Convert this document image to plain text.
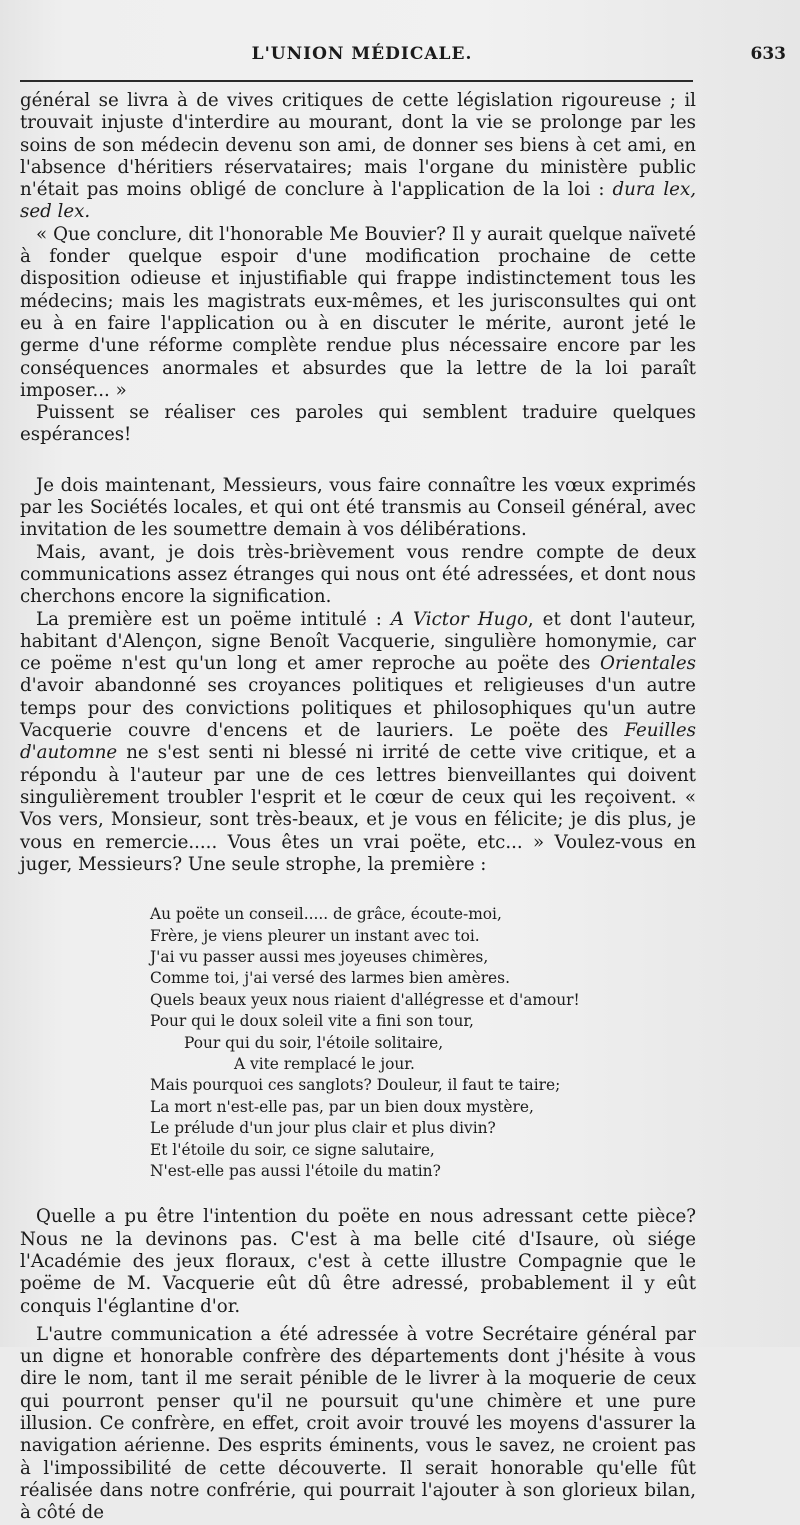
L'UNION MÉDICALE.	633

général se livra à de vives critiques de cette législation rigoureuse ; il trouvait injuste d'interdire au mourant, dont la vie se prolonge par les soins de son médecin devenu son ami, de donner ses biens à cet ami, en l'absence d'héritiers réservataires; mais l'organe du ministère public n'était pas moins obligé de conclure à l'application de la loi : dura lex, sed lex.

« Que conclure, dit l'honorable Me Bouvier? Il y aurait quelque naïveté à fonder quelque espoir d'une modification prochaine de cette disposition odieuse et injustifiable qui frappe indistinctement tous les médecins; mais les magistrats eux-mêmes, et les jurisconsultes qui ont eu à en faire l'application ou à en discuter le mérite, auront jeté le germe d'une réforme complète rendue plus nécessaire encore par les conséquences anormales et absurdes que la lettre de la loi paraît imposer... »

Puissent se réaliser ces paroles qui semblent traduire quelques espérances!

Je dois maintenant, Messieurs, vous faire connaître les vœux exprimés par les Sociétés locales, et qui ont été transmis au Conseil général, avec invitation de les soumettre demain à vos délibérations.

Mais, avant, je dois très-brièvement vous rendre compte de deux communications assez étranges qui nous ont été adressées, et dont nous cherchons encore la signification.

La première est un poëme intitulé : A Victor Hugo, et dont l'auteur, habitant d'Alençon, signe Benoît Vacquerie, singulière homonymie, car ce poëme n'est qu'un long et amer reproche au poëte des Orientales d'avoir abandonné ses croyances politiques et religieuses d'un autre temps pour des convictions politiques et philosophiques qu'un autre Vacquerie couvre d'encens et de lauriers. Le poëte des Feuilles d'automne ne s'est senti ni blessé ni irrité de cette vive critique, et a répondu à l'auteur par une de ces lettres bienveillantes qui doivent singulièrement troubler l'esprit et le cœur de ceux qui les reçoivent. « Vos vers, Monsieur, sont très-beaux, et je vous en félicite; je dis plus, je vous en remercie..... Vous êtes un vrai poëte, etc... » Voulez-vous en juger, Messieurs? Une seule strophe, la première :

Au poëte un conseil..... de grâce, écoute-moi,
Frère, je viens pleurer un instant avec toi.
J'ai vu passer aussi mes joyeuses chimères,
Comme toi, j'ai versé des larmes bien amères.
Quels beaux yeux nous riaient d'allégresse et d'amour!
Pour qui le doux soleil vite a fini son tour,
Pour qui du soir, l'étoile solitaire,
A vite remplacé le jour.
Mais pourquoi ces sanglots? Douleur, il faut te taire;
La mort n'est-elle pas, par un bien doux mystère,
Le prélude d'un jour plus clair et plus divin?
Et l'étoile du soir, ce signe salutaire,
N'est-elle pas aussi l'étoile du matin?

Quelle a pu être l'intention du poëte en nous adressant cette pièce? Nous ne la devinons pas. C'est à ma belle cité d'Isaure, où siége l'Académie des jeux floraux, c'est à cette illustre Compagnie que le poëme de M. Vacquerie eût dû être adressé, probablement il y eût conquis l'églantine d'or.

L'autre communication a été adressée à votre Secrétaire général par un digne et honorable confrère des départements dont j'hésite à vous dire le nom, tant il me serait pénible de le livrer à la moquerie de ceux qui pourront penser qu'il ne poursuit qu'une chimère et une pure illusion. Ce confrère, en effet, croit avoir trouvé les moyens d'assurer la navigation aérienne. Des esprits éminents, vous le savez, ne croient pas à l'impossibilité de cette découverte. Il serait honorable qu'elle fût réalisée dans notre confrérie, qui pourrait l'ajouter à son glorieux bilan, à côté de
